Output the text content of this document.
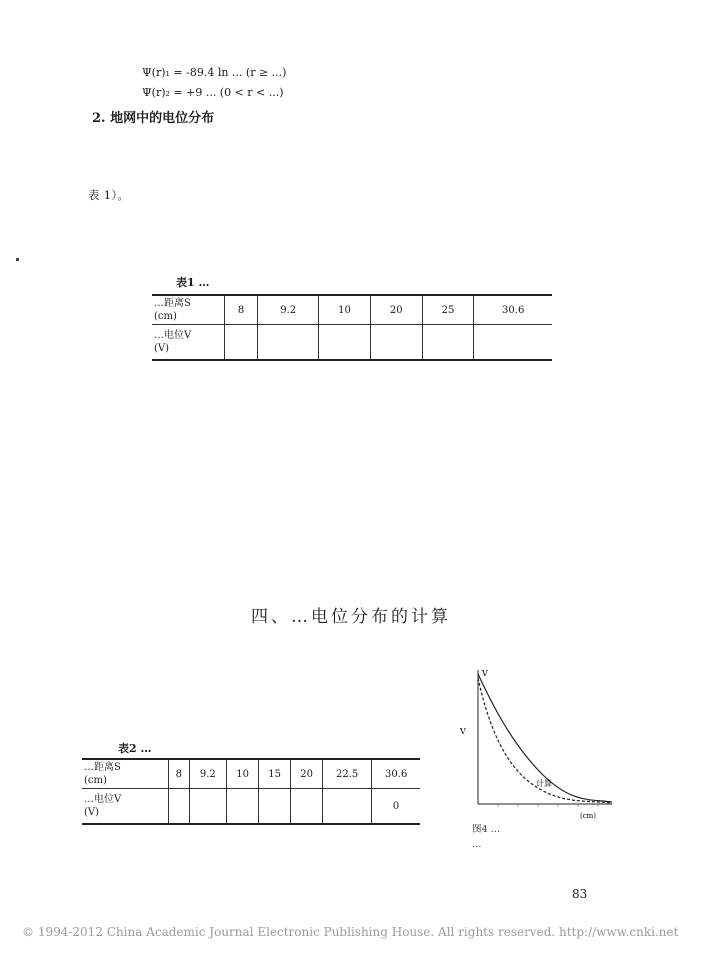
Ψ(r)₁ = -89.4 ln ... (r ≥ ...)
Ψ(r)₂ = +9 ... (0 < r < ...)
2. 地网中的电位分布
表 1）。
表1 …
…距离S
(cm)	8	9.2	10	20	25	30.6

…电位V
(V)						

四、…电位分布的计算
表2 …
…距离S
(cm)	8	9.2	10	15	20	22.5	30.6

…电位V
(V)							0
V
V
计算
(cm)
图4 …
…
83
© 1994-2012 China Academic Journal Electronic Publishing House. All rights reserved. http://www.cnki.net
